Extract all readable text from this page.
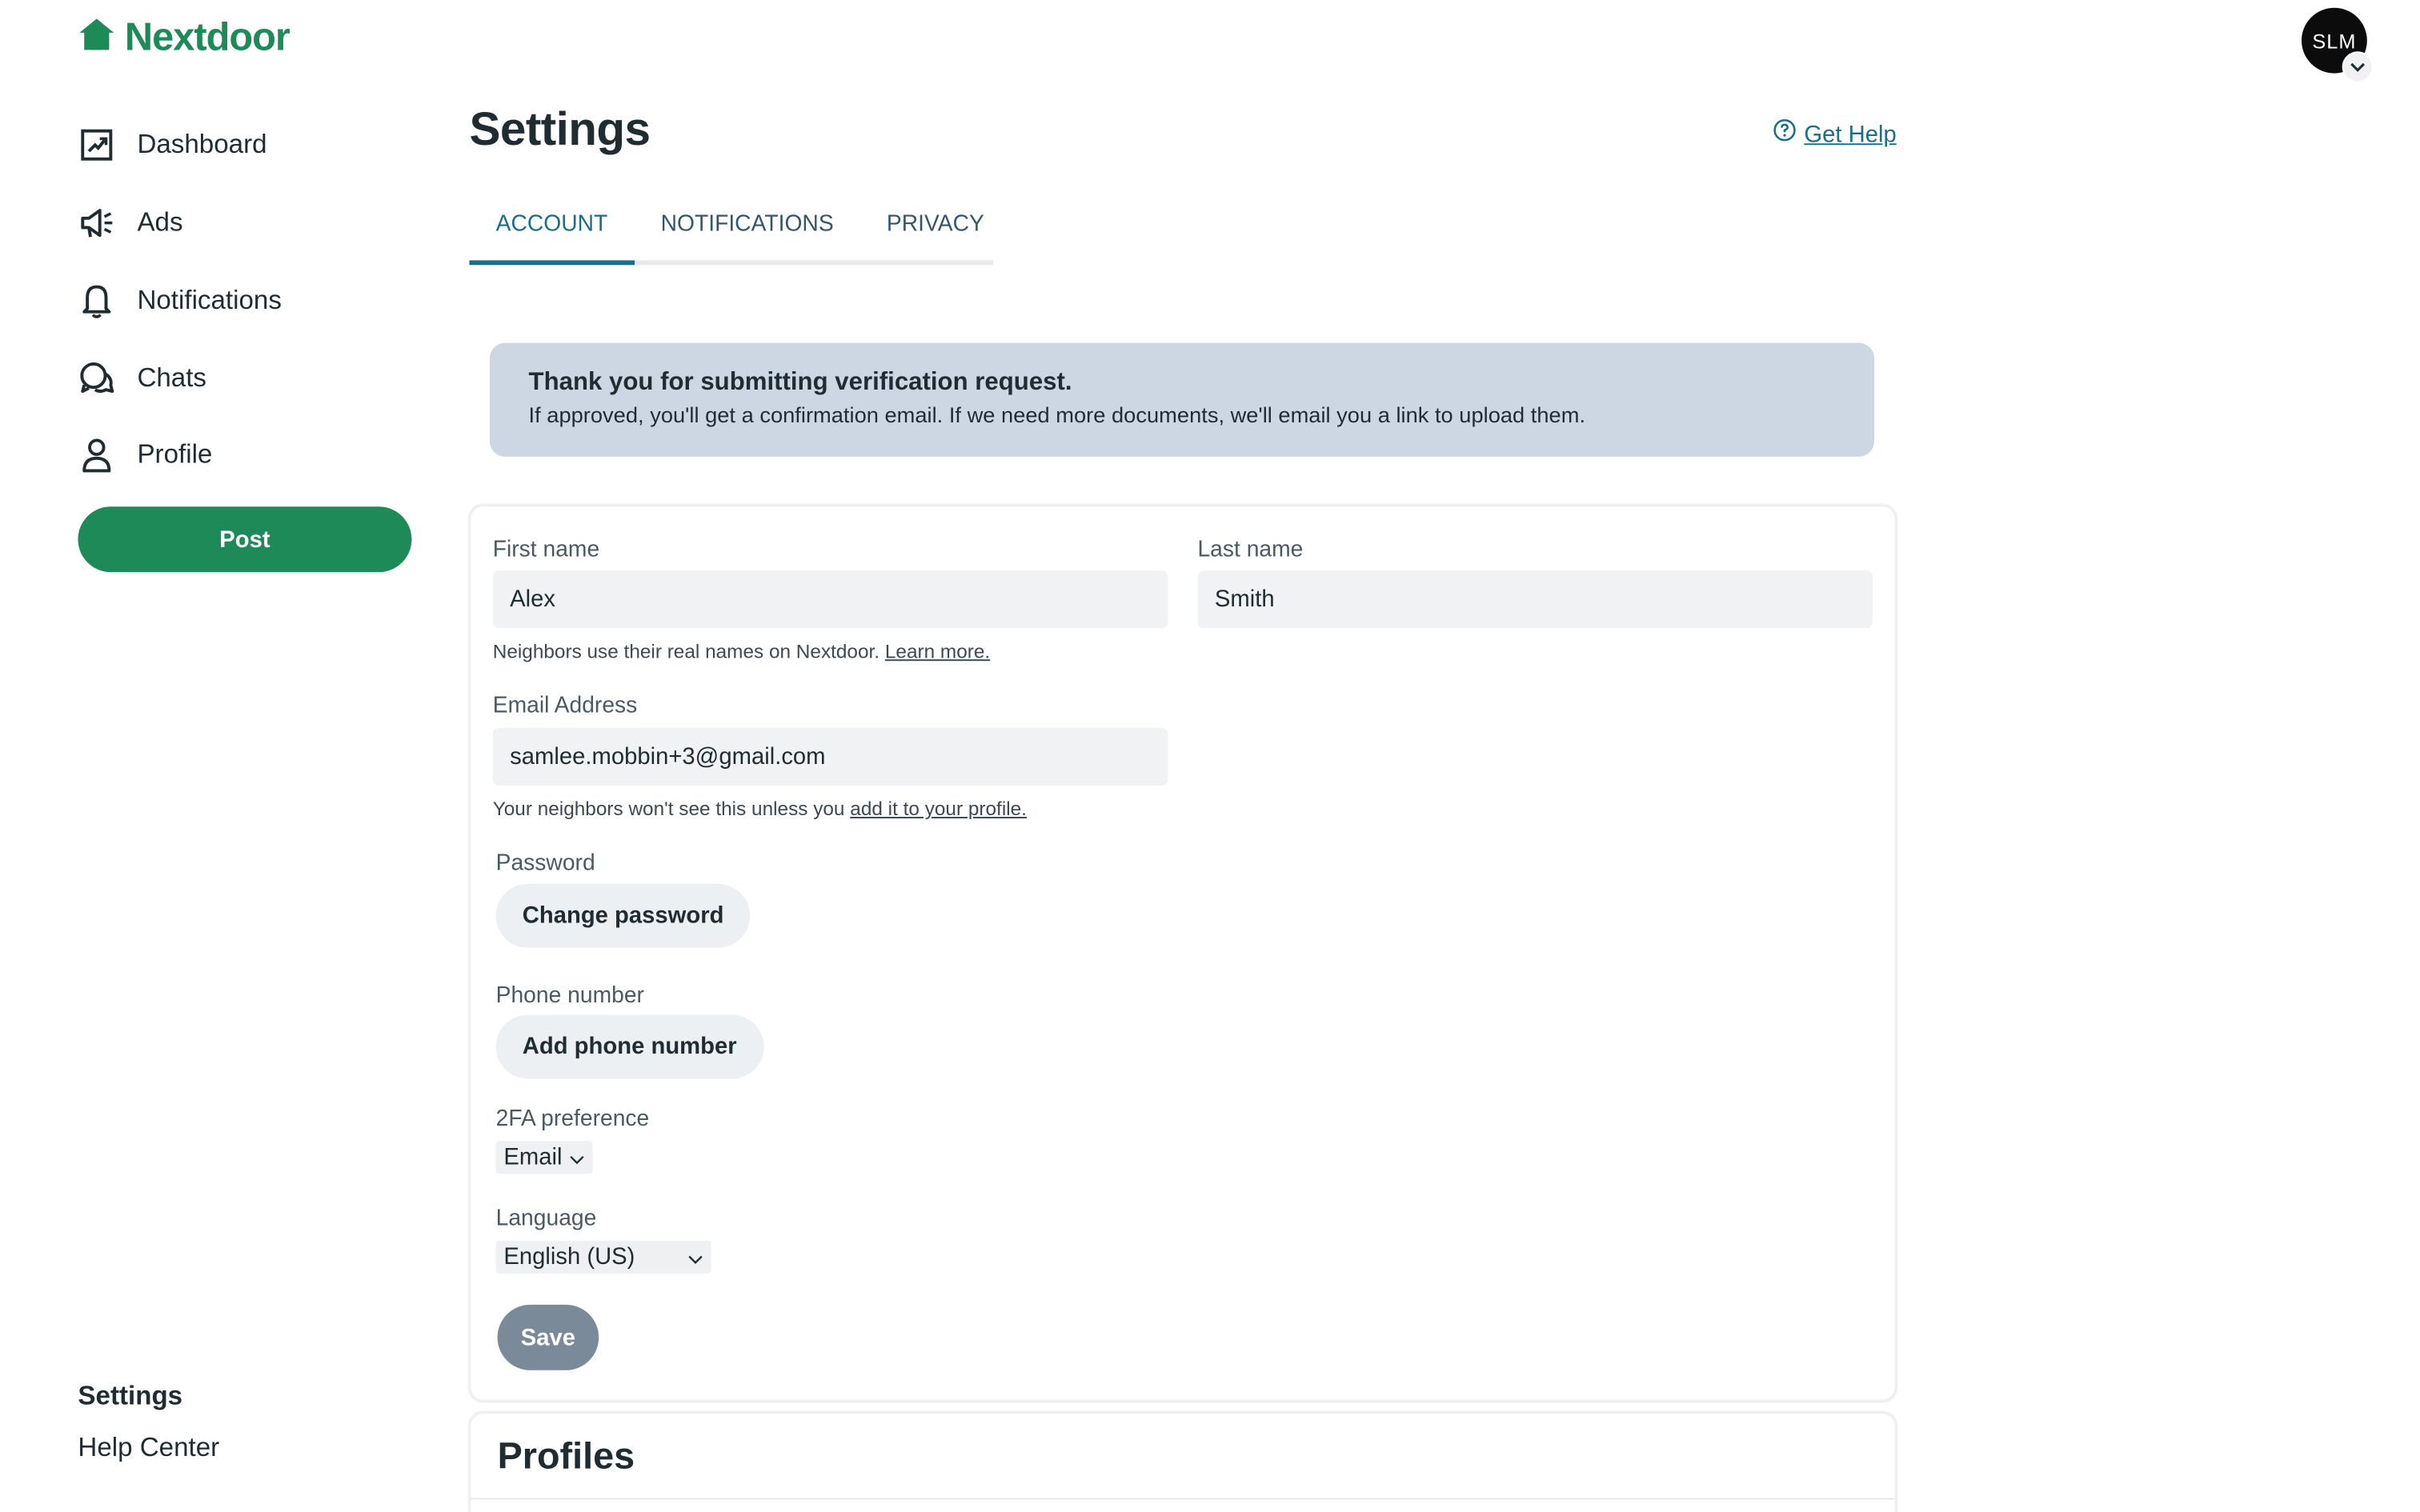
Nextdoor	SLM
Dashboard
Ads
Notifications
Chats
Profile
Post
Settings
Help Center
Settings	Get Help
ACCOUNT	NOTIFICATIONS	PRIVACY
Thank you for submitting verification request.
If approved, you'll get a confirmation email. If we need more documents, we'll email you a link to upload them.
First name
Alex
Last name
Smith
Neighbors use their real names on Nextdoor. Learn more.
Email Address
samlee.mobbin+3@gmail.com
Your neighbors won't see this unless you add it to your profile.
Password
Change password
Phone number
Add phone number
2FA preference
Email
Language
English (US)
Save
Profiles
